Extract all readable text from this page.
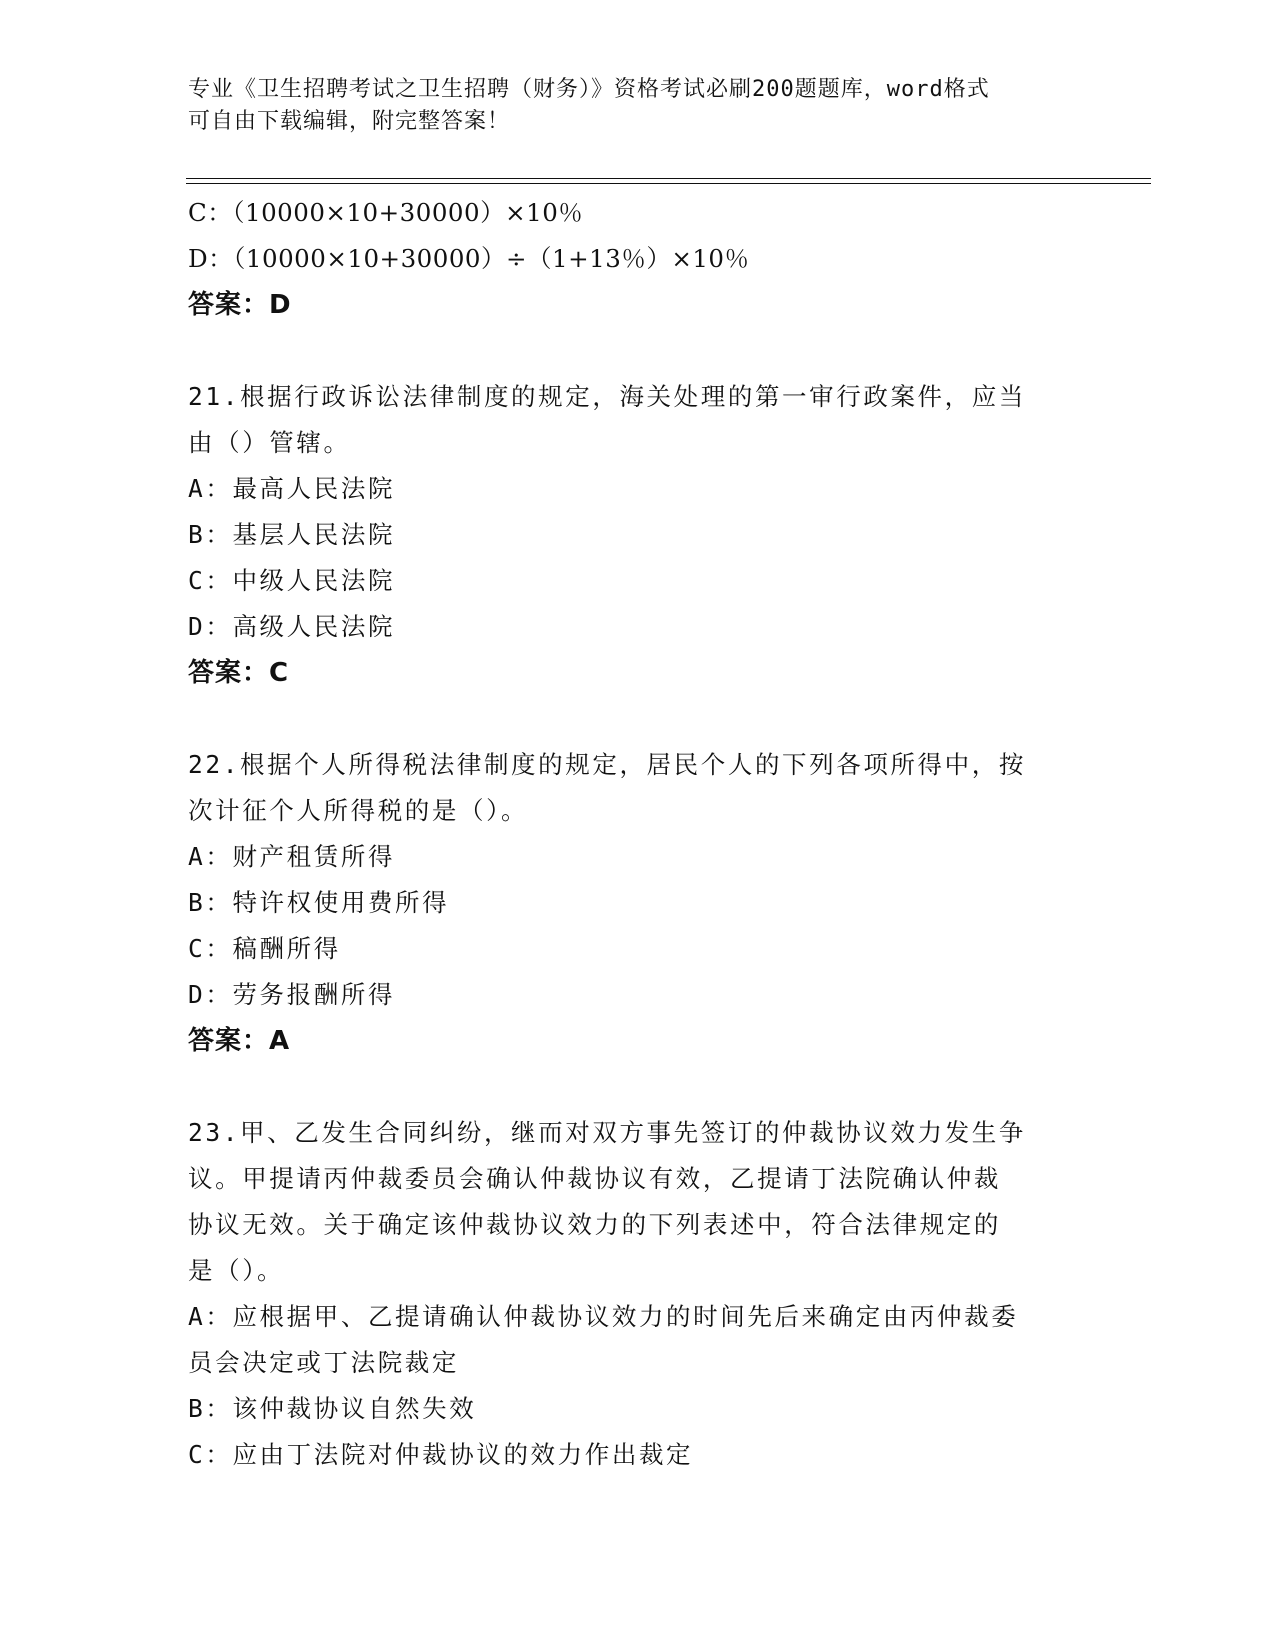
专业《卫生招聘考试之卫生招聘（财务）》资格考试必刷200题题库，word格式
可自由下载编辑，附完整答案！
C：（10000×10+30000）×10％
D：（10000×10+30000）÷（1+13％）×10％
答案：D
21.根据行政诉讼法律制度的规定，海关处理的第一审行政案件，应当
由（）管辖。
A：最高人民法院
B：基层人民法院
C：中级人民法院
D：高级人民法院
答案：C
22.根据个人所得税法律制度的规定，居民个人的下列各项所得中，按
次计征个人所得税的是（）。
A：财产租赁所得
B：特许权使用费所得
C：稿酬所得
D：劳务报酬所得
答案：A
23.甲、乙发生合同纠纷，继而对双方事先签订的仲裁协议效力发生争
议。甲提请丙仲裁委员会确认仲裁协议有效，乙提请丁法院确认仲裁
协议无效。关于确定该仲裁协议效力的下列表述中，符合法律规定的
是（）。
A：应根据甲、乙提请确认仲裁协议效力的时间先后来确定由丙仲裁委
员会决定或丁法院裁定
B：该仲裁协议自然失效
C：应由丁法院对仲裁协议的效力作出裁定
